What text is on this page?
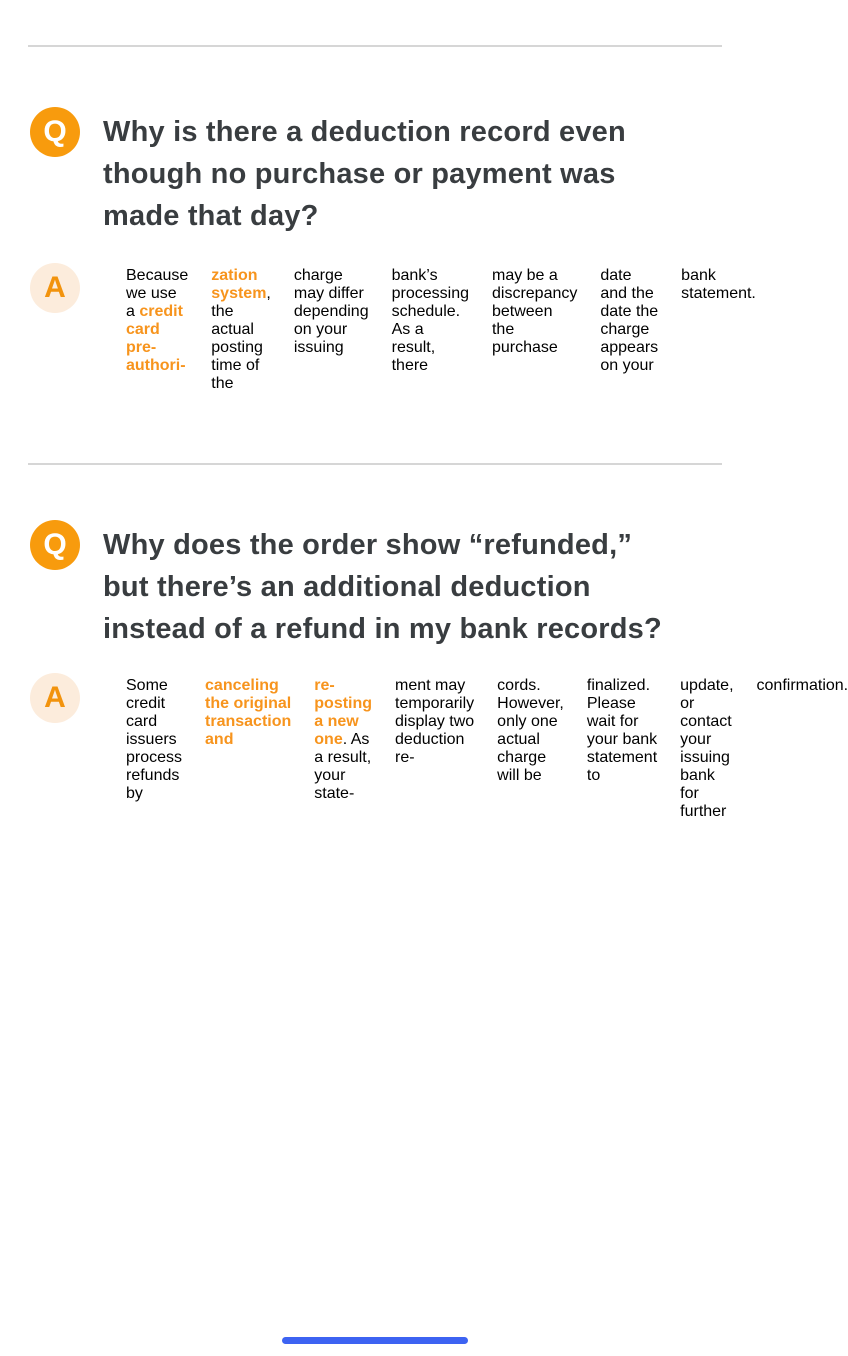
Q Why is there a deduction record even
though no purchase or payment was
made that day?
A	Because we use a credit card pre-authori-
zation system, the actual posting time of the
charge may differ depending on your issuing
bank’s processing schedule. As a result, there
may be a discrepancy between the purchase
date and the date the charge appears on your
bank statement.

Q Why does the order show “refunded,”
but there’s an additional deduction
instead of a refund in my bank records?
A	Some credit card issuers process refunds by
canceling the original transaction and
re-posting a new one. As a result, your state-
ment may temporarily display two deduction re-
cords. However, only one actual charge will be
finalized. Please wait for your bank statement to
update, or contact your issuing bank for further
confirmation.
